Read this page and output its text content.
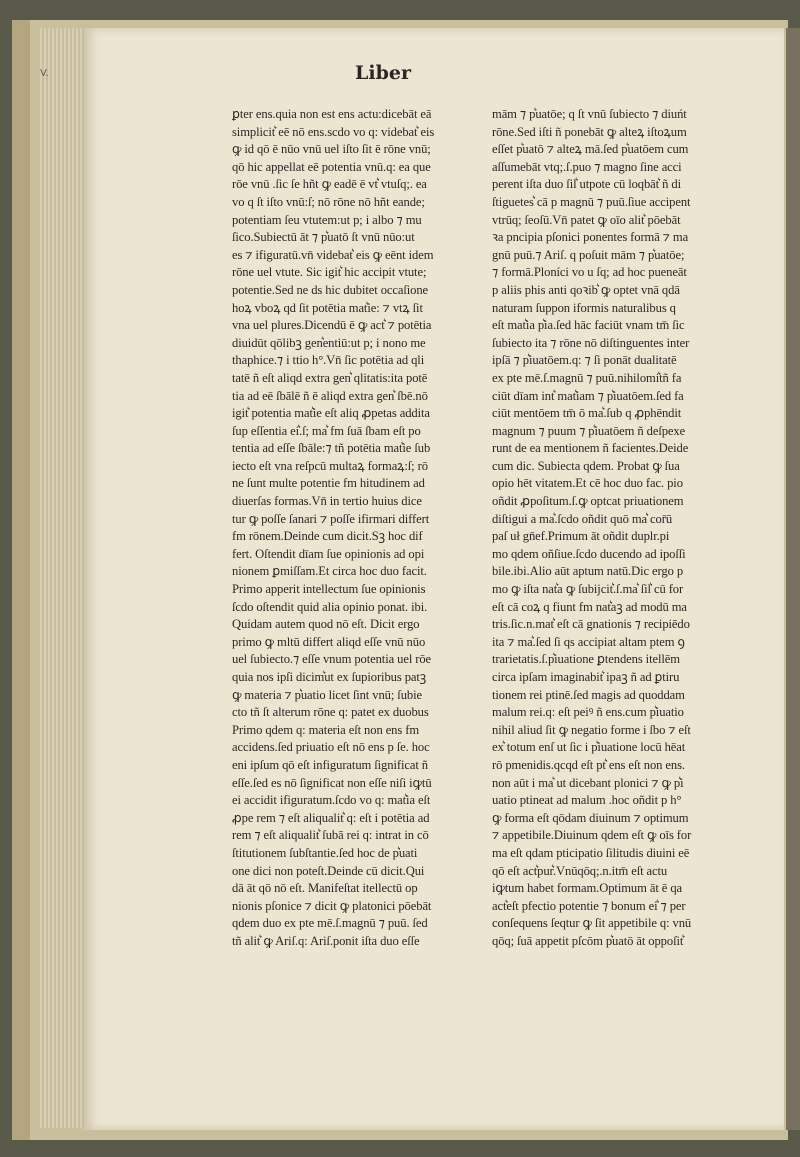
V.	Liber
ꝑter ens.quia non est ens actu:dicebāt eā
simplicit͛ eē nō ens.scdo vo q: videbat͛ eis
ꝙ id qō ē nūo vnū uel iſto ſit ē rōne vnū;
qō hic appellat eē potentia vnū.q: ea que
rōe vnū .ſic ſe hñt ꝙ eadē ē vt͛ vtuſq;. ea
vo q ſt iſto vnū:ſ; nō rōne nō hñt eande;
potentiam ſeu vtutem:ut p; i albo ⁊ mu
ſico.Subiectū āt ⁊ p͛uatō ſt vnū nūo:ut
es ⁊ ifiguratū.vn̄ videbat͛ eis ꝙ eēnt idem
rōne uel vtute. Sic igit͛ hic accipit vtute;
potentie.Sed ne ds hic dubitet occaſione
hoꝝ vboꝝ qd ſit potētia mat͛ie: ⁊ vtꝝ ſit
vna uel plures.Dicendū ē ꝙ act͛ ⁊ potētia
diuidūt qōlibꝫ gen͛entiū:ut p; i nono me
thaphice.⁊ i ttio h°.Vn̄ ſic potētia ad qli
tatē ñ eſt aliqd extra gen͛ qlitatis:ita potē
tia ad eē ſbālē ñ ē aliqd extra gen͛ ſbē.nō
igit͛ potentia mat͛ie eſt aliq ꝓpetas addita
ſup eſſentia ei͛.ſ; ma͛ fm ſuā ſbam eſt po
tentia ad eſſe ſbāle:⁊ tñ potētia mat͛ie ſub
iecto eſt vna reſpcū multaꝝ formaꝝ:ſ; rō
ne ſunt multe potentie fm hitudinem ad
diuerſas formas.Vn̄ in tertio huius dice
tur ꝙ poſſe ſanari ⁊ poſſe ifirmari differt
fm rōnem.Deinde cum dicit.Sꝫ hoc dif
fert. Oſtendit dīam ſue opinionis ad opi
nionem ꝑmiſſam.Et circa hoc duo facit.
Primo apperit intellectum ſue opinionis
ſcdo oſtendit quid alia opinio ponat. ibi.
Quidam autem quod nō eſt. Dicit ergo
primo ꝙ mltū differt aliqd eſſe vnū nūo
uel ſubiecto.⁊ eſſe vnum potentia uel rōe
quia nos ipſi dicim͛ut ex ſupioribus patꝫ
ꝙ materia ⁊ p͛uatio licet ſint vnū; ſubie
cto tñ ſt alterum rōne q: patet ex duobus
Primo qdem q: materia eſt non ens fm
accidens.ſed priuatio eſt nō ens p ſe. hoc
eni ipſum qō eſt infiguratum ſignificat ñ
eſſe.ſed es nō ſignificat non eſſe niſi iꝙtū
ei accidit ifiguratum.ſcdo vo q: mat͛ia eſt
ꝓpe rem ⁊ eſt aliqualit͛ q: eſt i potētia ad
rem ⁊ eſt aliqualit͛ ſubā rei q: intrat in cō
ſtitutionem ſubſtantie.ſed hoc de p͛uati
one dici non poteſt.Deinde cū dicit.Qui
dā āt qō nō eſt. Manifeſtat itellectū op
nionis pſonice ⁊ dicit ꝙ platonici pōebāt
qdem duo ex pte mē.ſ.magnū ⁊ puū. ſed
tñ alit͛ ꝙ Ariſ.q: Ariſ.ponit iſta duo eſſe
mām ⁊ p͛uatōe; q ſt vnū ſubiecto ⁊ diuńt
rōne.Sed iſti ñ ponebāt ꝙ alteꝝ iſtoꝝum
eſſet p͛uatō ⁊ alteꝝ mā.ſed p͛uatōem cum
aſſumebāt vtq;.ſ.puo ⁊ magno ſine acci
perent iſta duo ſil͛ utpote cū loqbāt͛ ñ di
ſtiguetes͛ cā p magnū ⁊ puū.ſiue accipent
vtrūq; ſeoſū.Vn̄ patet ꝙ oīo alit͛ pōebāt
ꝛa pncipia pſonici ponentes formā ⁊ ma
gnū puū.⁊ Ariſ. q poſuit mām ⁊ p͛uatōe;
⁊ formā.Ploníci vo u ſq; ad hoc pueneāt
p aliis phis anti qoꝛib͛ ꝙ optet vnā qdā
naturam ſuppon iformis naturalibus q
eſt mat͛ia p͛ia.ſed hāc faciūt vnam tm̄ ſic
ſubiecto ita ⁊ rōne nō diſtinguentes inter
ipſā ⁊ p͛iuatōem.q: ⁊ ſi ponāt dualitatē
ex pte mē.ſ.magnū ⁊ puū.nihilomi͛tñ fa
ciūt dīam int͛ mat͛iam ⁊ p͛iuatōem.ſed fa
ciūt mentōem tm̄ ō ma͛.ſub q ꝓphēndit
magnum ⁊ puum ⁊ p͛iuatōem ñ deſpexe
runt de ea mentionem ñ facientes.Deide
cum dic. Subiecta qdem. Probat ꝙ ſua
opio hēt vitatem.Et cē hoc duo fac. pio
oñdit ꝓpoſitum.ſ.ꝙ optcat priuationem
diſtigui a ma͛.ſcdo oñdit quō ma͛ cor̄ū
paſ uł gn̄ef.Primum āt oñdit duplr.pi
mo qdem oñſiue.ſcdo ducendo ad ipoſſi
bile.ibi.Alio aūt aptum natū.Dic ergo p
mo ꝙ iſta nat͛a ꝙ ſubijcit͛.ſ.ma͛ ſil͛ cū for
eſt cā coꝝ q fiunt fm nat͛aꝫ ad modū ma
tris.ſic.n.mat͛ eſt cā gnationis ⁊ recipiēdo
ita ⁊ ma͛.ſed ſi qs accipiat altam ptem ꝯ
trarietatis.ſ.p͛iuatione ꝑtendens itellēm
circa ipſam imaginabit͛ ipaꝫ ñ ad ꝑtiru
tionem rei ptinē.ſed magis ad quoddam
malum rei.q: eſt peiꝰ ñ ens.cum p͛iuatio
nihil aliud ſit ꝙ negatio forme i ſbo ⁊ eſt
ex͛ totum enſ ut ſic i p͛iuatione locū hēat
rō pmenidis.qcqd eſt pt͛ ens eſt non ens.
non aūt i ma͛ ut dicebant plonici ⁊ ꝙ p͛i
uatio ptineat ad malum .hoc oñdit p h°
ꝙ forma eſt qōdam diuinum ⁊ optimum
⁊ appetibile.Diuinum qdem eſt ꝙ oīs for
ma eſt qdam pticipatio ſilitudis diuini eē
qō eſt act͛pur͛.Vnūqōq;.n.itm̄ eſt actu
iꝙtum habet formam.Optimum āt ē qa
act͛eſt pfectio potentie ⁊ bonum ei͛ ⁊ per
conſequens ſeqtur ꝙ ſit appetibile q: vnū
qōq; ſuā appetit pſcōm p͛uatō āt oppoſit͛
